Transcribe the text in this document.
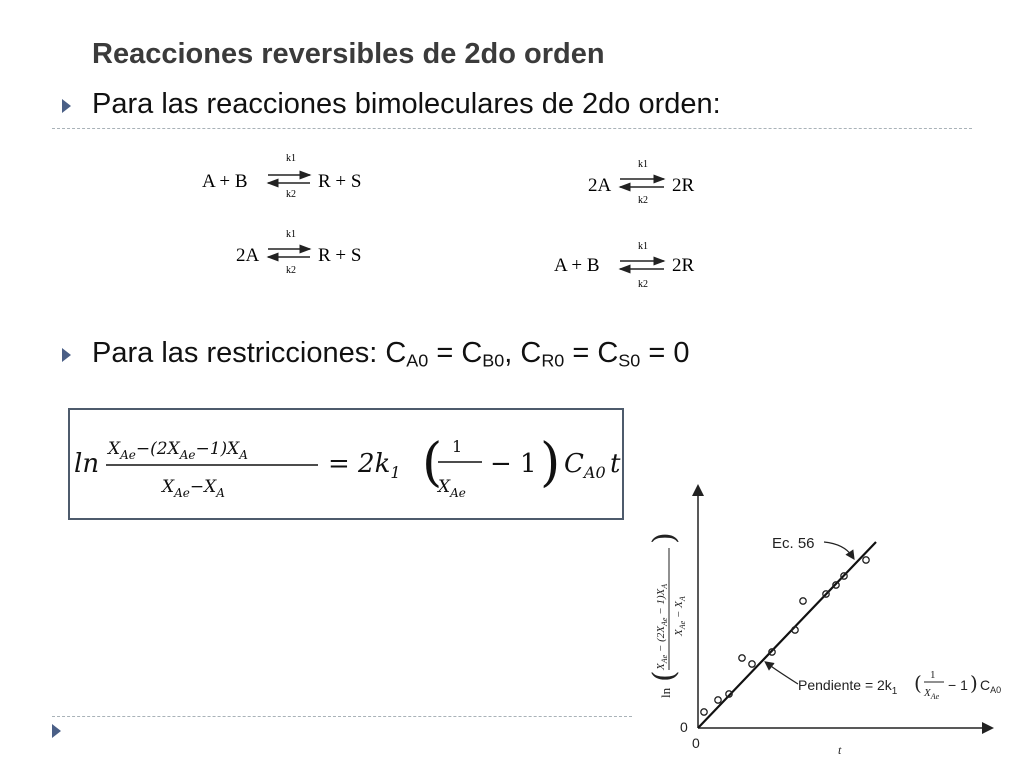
Reacciones reversibles de 2do orden
Para las reacciones bimoleculares de 2do orden:
A + B
k1
k2
R + S	2A
k1
k2
2R
2A
k1
k2
R + S	A + B
k1
k2
2R
Para las restricciones: $C_{A0} = C_{B0}$, $C_{R0} = C_{S0} = 0$
$\ln X_{Ae}-(2X_{Ae}-1)X_A$
$X_{Ae}-X_A$
= $2k_1$ ( 1
$X_{Ae}$
− 1 ) $C_{A0}$ t
Ec. 56
Pendiente = $2k_1$ ( 1
$X_{Ae}$
− 1 ) $C_{A0}$
0
0	t
ln
(
$X_{Ae} - (2X_{Ae} - 1)X_A$
$X_{Ae} - X_A$
)
